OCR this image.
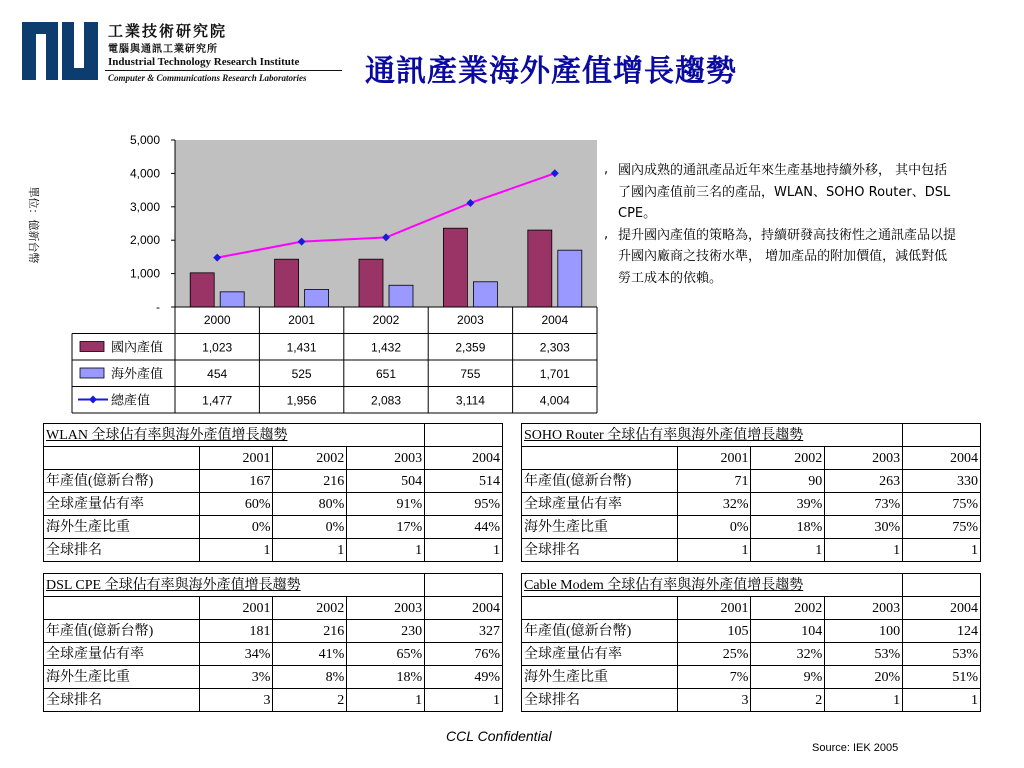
工業技術研究院
電腦與通訊工業研究所
Industrial Technology Research Institute
Computer & Communications Research Laboratories 通訊產業海外產值增長趨勢
-
1,000
2,000
3,000
4,000
5,000
2000	2001	2002	2003	2004
國內產值	1,023	1,431	1,432	2,359	2,303
海外產值	454	525	651	755	1,701
總產值	1,477	1,956	2,083	3,114	4,004
單位：億新台幣
, 國內成熟的通訊產品近年來生產基地持續外移， 其中包括了國內產值前三名的產品，WLAN、SOHO Router、DSL CPE。
, 提升國內產值的策略為，持續研發高技術性之通訊產品以提升國內廠商之技術水準， 增加產品的附加價值，減低對低勞工成本的依賴。
WLAN 全球佔有率與海外產值增長趨勢				
	2001	2002	2003	2004
年產值(億新台幣)	167	216	504	514
全球產量佔有率	60%	80%	91%	95%
海外生產比重	0%	0%	17%	44%
全球排名	1	1	1	1
SOHO Router 全球佔有率與海外產值增長趨勢				
	2001	2002	2003	2004
年產值(億新台幣)	71	90	263	330
全球產量佔有率	32%	39%	73%	75%
海外生產比重	0%	18%	30%	75%
全球排名	1	1	1	1
DSL CPE 全球佔有率與海外產值增長趨勢				
	2001	2002	2003	2004
年產值(億新台幣)	181	216	230	327
全球產量佔有率	34%	41%	65%	76%
海外生產比重	3%	8%	18%	49%
全球排名	3	2	1	1
Cable Modem 全球佔有率與海外產值增長趨勢				
	2001	2002	2003	2004
年產值(億新台幣)	105	104	100	124
全球產量佔有率	25%	32%	53%	53%
海外生產比重	7%	9%	20%	51%
全球排名	3	2	1	1
CCL Confidential
Source: IEK 2005
